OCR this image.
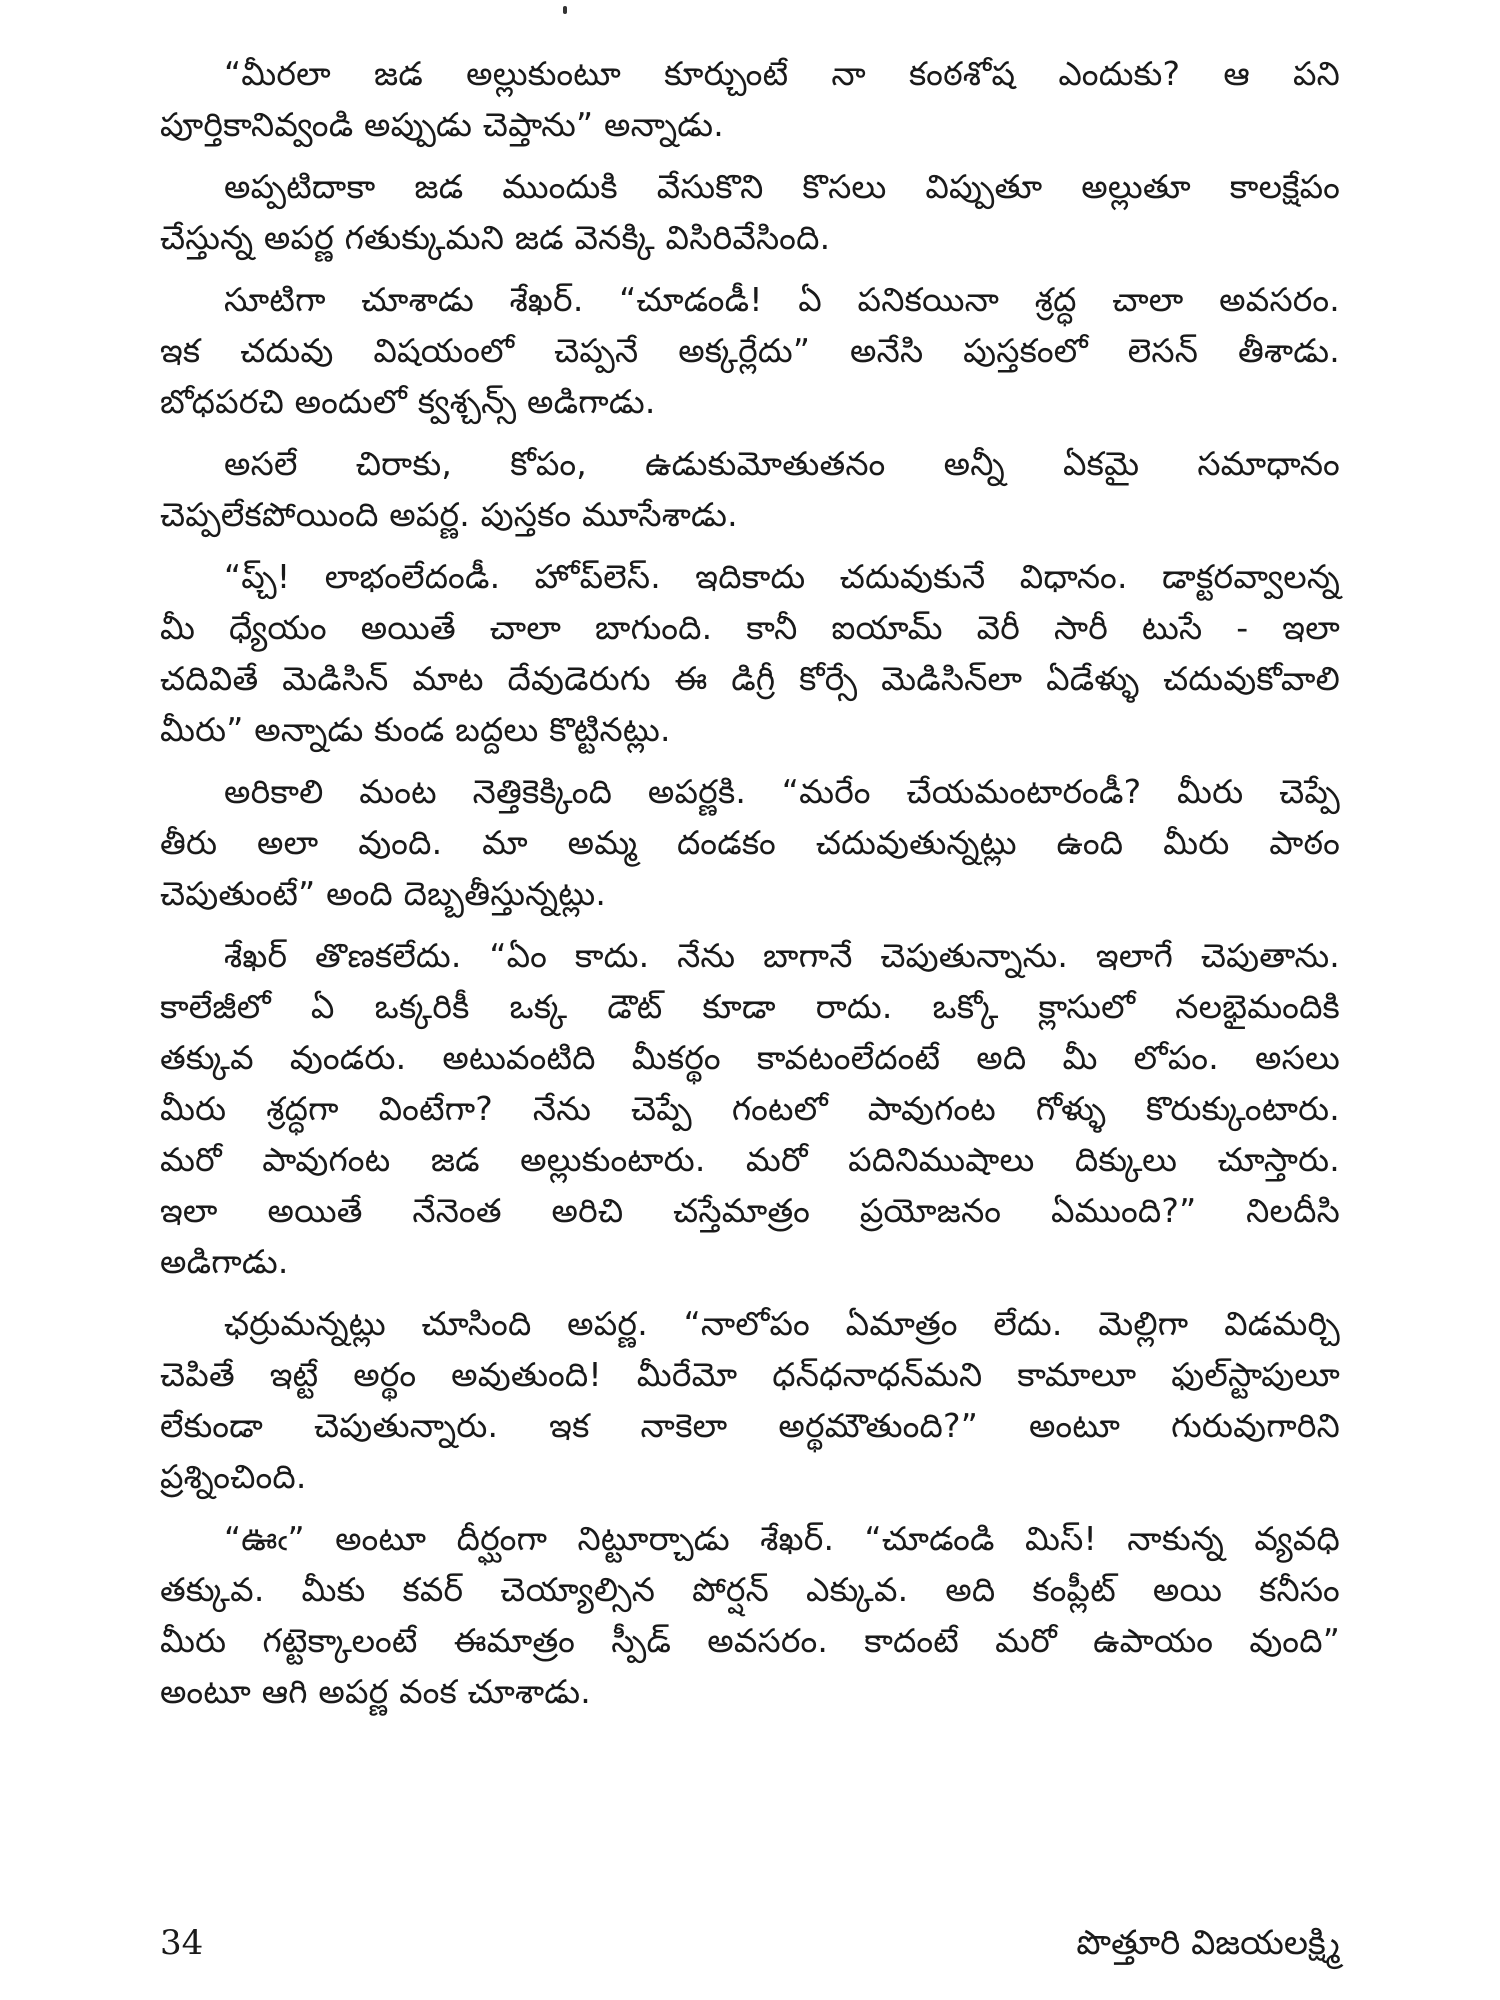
“మీరలా జడ అల్లుకుంటూ కూర్చుంటే నా కంఠశోష ఎందుకు? ఆ పని
పూర్తికానివ్వండి అప్పుడు చెప్తాను” అన్నాడు.

అప్పటిదాకా జడ ముందుకి వేసుకొని కొసలు విప్పుతూ అల్లుతూ కాలక్షేపం
చేస్తున్న అపర్ణ గతుక్కుమని జడ వెనక్కి విసిరివేసింది.

సూటిగా చూశాడు శేఖర్. “చూడండీ! ఏ పనికయినా శ్రద్ధ చాలా అవసరం.
ఇక చదువు విషయంలో చెప్పనే అక్కర్లేదు” అనేసి పుస్తకంలో లెసన్ తీశాడు.
బోధపరచి అందులో క్వశ్చన్స్ అడిగాడు.

అసలే చిరాకు, కోపం, ఉడుకుమోతుతనం అన్నీ ఏకమై సమాధానం
చెప్పలేకపోయింది అపర్ణ. పుస్తకం మూసేశాడు.

“ప్చ్! లాభంలేదండీ. హోప్‌లెస్. ఇదికాదు చదువుకునే విధానం. డాక్టరవ్వాలన్న
మీ ధ్యేయం అయితే చాలా బాగుంది. కానీ ఐయామ్ వెరీ సారీ టుసే - ఇలా
చదివితే మెడిసిన్ మాట దేవుడెరుగు ఈ డిగ్రీ కోర్సే మెడిసిన్‌లా ఏడేళ్ళు చదువుకోవాలి
మీరు” అన్నాడు కుండ బద్దలు కొట్టినట్లు.

అరికాలి మంట నెత్తికెక్కింది అపర్ణకి. “మరేం చేయమంటారండీ? మీరు చెప్పే
తీరు అలా వుంది. మా అమ్మ దండకం చదువుతున్నట్లు ఉంది మీరు పాఠం
చెపుతుంటే” అంది దెబ్బతీస్తున్నట్లు.

శేఖర్ తొణకలేదు. “ఏం కాదు. నేను బాగానే చెపుతున్నాను. ఇలాగే చెపుతాను.
కాలేజీలో ఏ ఒక్కరికీ ఒక్క డౌట్ కూడా రాదు. ఒక్కో క్లాసులో నలభైమందికి
తక్కువ వుండరు. అటువంటిది మీకర్థం కావటంలేదంటే అది మీ లోపం. అసలు
మీరు శ్రద్ధగా వింటేగా? నేను చెప్పే గంటలో పావుగంట గోళ్ళు కొరుక్కుంటారు.
మరో పావుగంట జడ అల్లుకుంటారు. మరో పదినిముషాలు దిక్కులు చూస్తారు.
ఇలా అయితే నేనెంత అరిచి చస్తేమాత్రం ప్రయోజనం ఏముంది?” నిలదీసి
అడిగాడు.

ఛర్రుమన్నట్లు చూసింది అపర్ణ. “నాలోపం ఏమాత్రం లేదు. మెల్లిగా విడమర్చి
చెపితే ఇట్టే అర్థం అవుతుంది! మీరేమో ధన్‌ధనాధన్‌మని కామాలూ ఫుల్‌స్టాపులూ
లేకుండా చెపుతున్నారు. ఇక నాకెలా అర్థమౌతుంది?” అంటూ గురువుగారిని
ప్రశ్నించింది.

“ఊఁ” అంటూ దీర్ఘంగా నిట్టూర్చాడు శేఖర్. “చూడండి మిస్! నాకున్న వ్యవధి
తక్కువ. మీకు కవర్ చెయ్యాల్సిన పోర్షన్ ఎక్కువ. అది కంప్లీట్ అయి కనీసం
మీరు గట్టెక్కాలంటే ఈమాత్రం స్పీడ్ అవసరం. కాదంటే మరో ఉపాయం వుంది”
అంటూ ఆగి అపర్ణ వంక చూశాడు.

34	పొత్తూరి విజయలక్ష్మి
